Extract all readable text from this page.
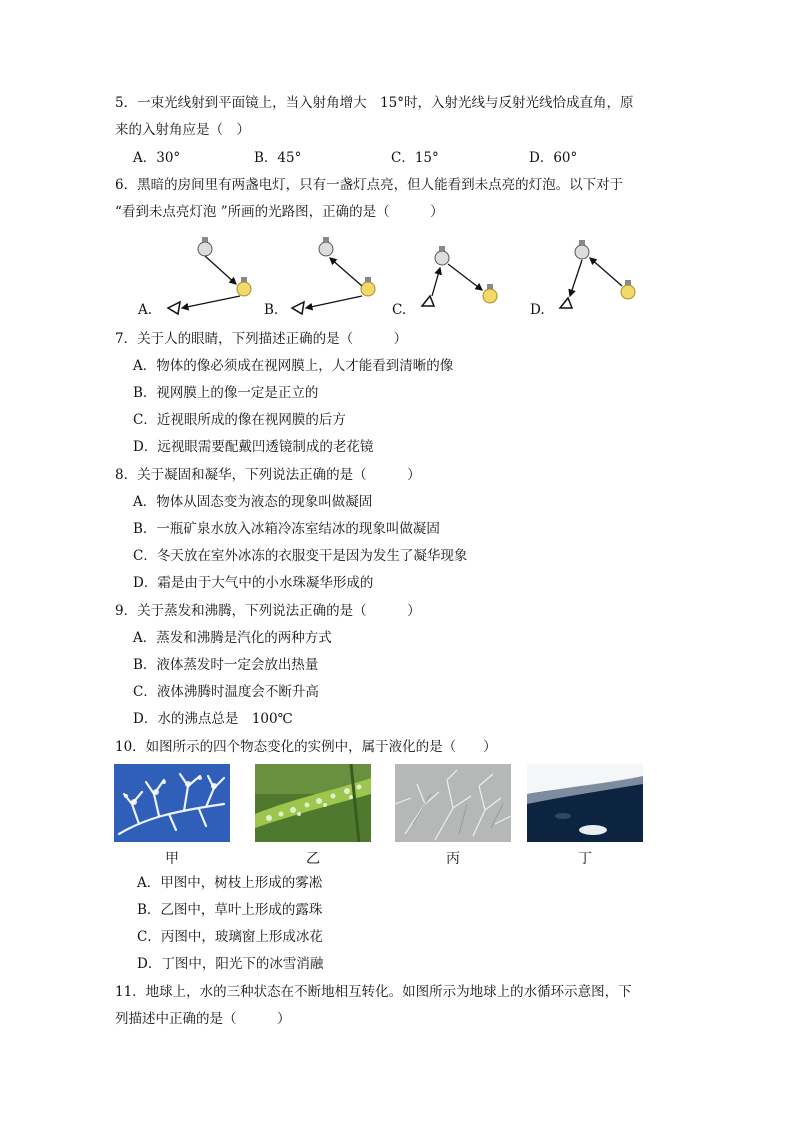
5．一束光线射到平面镜上，当入射角增大　15°时，入射光线与反射光线恰成直角，原
来的入射角应是（　）
A．30°	B．45°	C．15°	D．60°
6．黑暗的房间里有两盏电灯，只有一盏灯点亮，但人能看到未点亮的灯泡。以下对于
“看到未点亮灯泡 ”所画的光路图，正确的是（　　　）
A.	B.	C.	D.
7．关于人的眼睛，下列描述正确的是（　　　）
A．物体的像必须成在视网膜上，人才能看到清晰的像
B．视网膜上的像一定是正立的
C．近视眼所成的像在视网膜的后方
D．远视眼需要配戴凹透镜制成的老花镜
8．关于凝固和凝华，下列说法正确的是（　　　）
A．物体从固态变为液态的现象叫做凝固
B．一瓶矿泉水放入冰箱冷冻室结冰的现象叫做凝固
C．冬天放在室外冰冻的衣服变干是因为发生了凝华现象
D．霜是由于大气中的小水珠凝华形成的
9．关于蒸发和沸腾，下列说法正确的是（　　　）
A．蒸发和沸腾是汽化的两种方式
B．液体蒸发时一定会放出热量
C．液体沸腾时温度会不断升高
D．水的沸点总是　100℃
10．如图所示的四个物态变化的实例中，属于液化的是（　　）
甲	乙	丙	丁
A．甲图中，树枝上形成的雾凇
B．乙图中，草叶上形成的露珠
C．丙图中，玻璃窗上形成冰花
D．丁图中，阳光下的冰雪消融
11．地球上，水的三种状态在不断地相互转化。如图所示为地球上的水循环示意图，下
列描述中正确的是（　　　）
